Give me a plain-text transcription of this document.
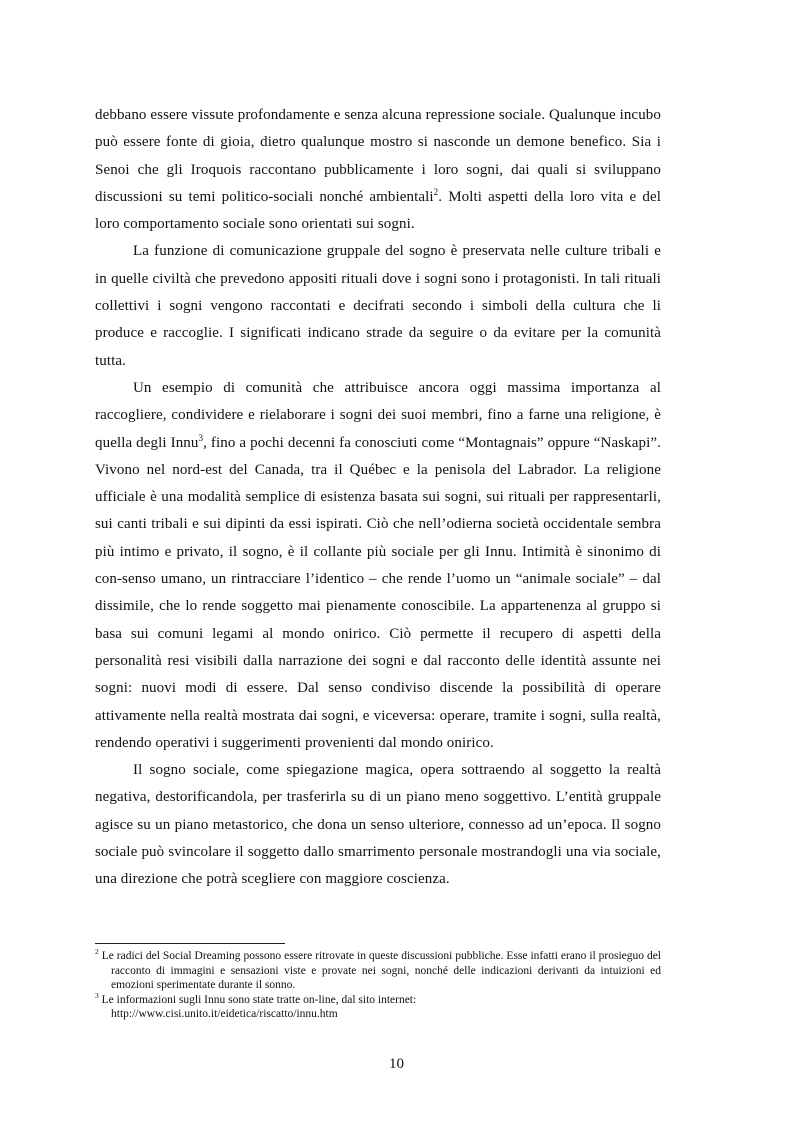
debbano essere vissute profondamente e senza alcuna repressione sociale. Qualunque incubo può essere fonte di gioia, dietro qualunque mostro si nasconde un demone benefico. Sia i Senoi che gli Iroquois raccontano pubblicamente i loro sogni, dai quali si sviluppano discussioni su temi politico-sociali nonché ambientali$^2$. Molti aspetti della loro vita e del loro comportamento sociale sono orientati sui sogni.

La funzione di comunicazione gruppale del sogno è preservata nelle culture tribali e in quelle civiltà che prevedono appositi rituali dove i sogni sono i protagonisti. In tali rituali collettivi i sogni vengono raccontati e decifrati secondo i simboli della cultura che li produce e raccoglie. I significati indicano strade da seguire o da evitare per la comunità tutta.

Un esempio di comunità che attribuisce ancora oggi massima importanza al raccogliere, condividere e rielaborare i sogni dei suoi membri, fino a farne una religione, è quella degli Innu$^3$, fino a pochi decenni fa conosciuti come “Montagnais” oppure “Naskapi”. Vivono nel nord-est del Canada, tra il Québec e la penisola del Labrador. La religione ufficiale è una modalità semplice di esistenza basata sui sogni, sui rituali per rappresentarli, sui canti tribali e sui dipinti da essi ispirati. Ciò che nell’odierna società occidentale sembra più intimo e privato, il sogno, è il collante più sociale per gli Innu. Intimità è sinonimo di con-senso umano, un rintracciare l’identico – che rende l’uomo un “animale sociale” – dal dissimile, che lo rende soggetto mai pienamente conoscibile. La appartenenza al gruppo si basa sui comuni legami al mondo onirico. Ciò permette il recupero di aspetti della personalità resi visibili dalla narrazione dei sogni e dal racconto delle identità assunte nei sogni: nuovi modi di essere. Dal senso condiviso discende la possibilità di operare attivamente nella realtà mostrata dai sogni, e viceversa: operare, tramite i sogni, sulla realtà, rendendo operativi i suggerimenti provenienti dal mondo onirico.

Il sogno sociale, come spiegazione magica, opera sottraendo al soggetto la realtà negativa, destorificandola, per trasferirla su di un piano meno soggettivo. L’entità gruppale agisce su un piano metastorico, che dona un senso ulteriore, connesso ad un’epoca. Il sogno sociale può svincolare il soggetto dallo smarrimento personale mostrandogli una via sociale, una direzione che potrà scegliere con maggiore coscienza.

$^2$ Le radici del Social Dreaming possono essere ritrovate in queste discussioni pubbliche. Esse infatti erano il prosieguo del racconto di immagini e sensazioni viste e provate nei sogni, nonché delle indicazioni derivanti da intuizioni ed emozioni sperimentate durante il sonno.

$^3$ Le informazioni sugli Innu sono state tratte on-line, dal sito internet:
http://www.cisi.unito.it/eidetica/riscatto/innu.htm

10
